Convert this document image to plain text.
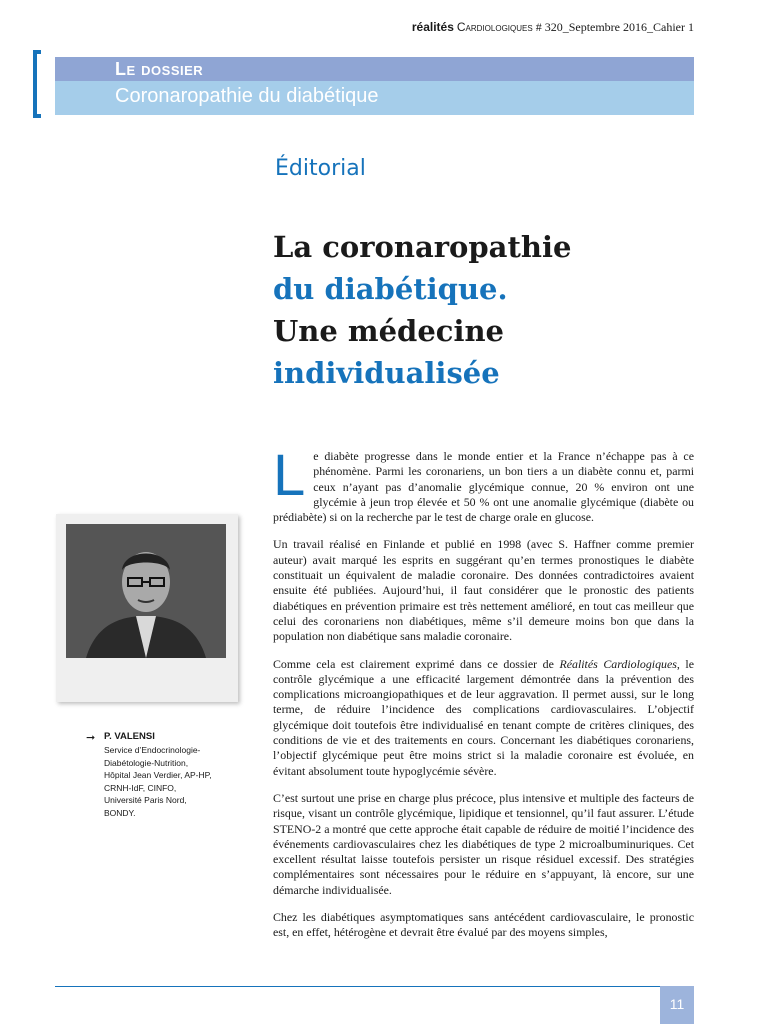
réalités Cardiologiques # 320_Septembre 2016_Cahier 1
Le dossier
Coronaropathie du diabétique
Éditorial
La coronaropathie
du diabétique.
Une médecine
individualisée
➞ P. VALENSI
Service d’Endocrinologie-
Diabétologie-Nutrition,
Hôpital Jean Verdier, AP-HP,
CRNH-IdF, CINFO,
Université Paris Nord,
BONDY.

Le diabète progresse dans le monde entier et la France n’échappe pas à ce phénomène. Parmi les coronariens, un bon tiers a un diabète connu et, parmi ceux n’ayant pas d’anomalie glycémique connue, 20 % environ ont une glycémie à jeun trop élevée et 50 % ont une anomalie glycémique (diabète ou prédiabète) si on la recherche par le test de charge orale en glucose.

Un travail réalisé en Finlande et publié en 1998 (avec S. Haffner comme premier auteur) avait marqué les esprits en suggérant qu’en termes pronostiques le diabète constituait un équivalent de maladie coronaire. Des données contradictoires avaient ensuite été publiées. Aujourd’hui, il faut considérer que le pronostic des patients diabétiques en prévention primaire est très nettement amélioré, en tout cas meilleur que celui des coronariens non diabétiques, même s’il demeure moins bon que dans la population non diabétique sans maladie coronaire.

Comme cela est clairement exprimé dans ce dossier de Réalités Cardiologiques, le contrôle glycémique a une efficacité largement démontrée dans la prévention des complications microangiopathiques et de leur aggravation. Il permet aussi, sur le long terme, de réduire l’incidence des complications cardiovasculaires. L’objectif glycémique doit toutefois être individualisé en tenant compte de critères cliniques, des conditions de vie et des traitements en cours. Concernant les diabétiques coronariens, l’objectif glycémique peut être moins strict si la maladie coronaire est évoluée, en évitant absolument toute hypoglycémie sévère.

C’est surtout une prise en charge plus précoce, plus intensive et multiple des facteurs de risque, visant un contrôle glycémique, lipidique et tensionnel, qu’il faut assurer. L’étude STENO-2 a montré que cette approche était capable de réduire de moitié l’incidence des événements cardiovasculaires chez les diabétiques de type 2 microalbuminuriques. Cet excellent résultat laisse toutefois persister un risque résiduel excessif. Des stratégies complémentaires sont nécessaires pour le réduire en s’appuyant, là encore, sur une démarche individualisée.

Chez les diabétiques asymptomatiques sans antécédent cardiovasculaire, le pronostic est, en effet, hétérogène et devrait être évalué par des moyens simples,

11
